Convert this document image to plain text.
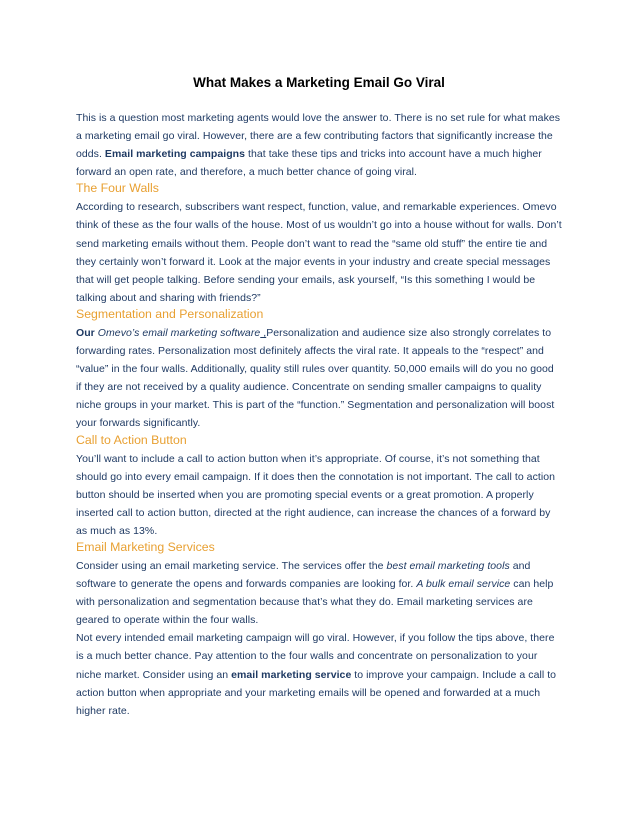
What Makes a Marketing Email Go Viral

This is a question most marketing agents would love the answer to. There is no set rule for what makes a marketing email go viral. However, there are a few contributing factors that significantly increase the odds. Email marketing campaigns that take these tips and tricks into account have a much higher forward an open rate, and therefore, a much better chance of going viral.

The Four Walls

According to research, subscribers want respect, function, value, and remarkable experiences. Omevo think of these as the four walls of the house. Most of us wouldn’t go into a house without for walls. Don’t send marketing emails without them. People don’t want to read the “same old stuff” the entire tie and they certainly won’t forward it. Look at the major events in your industry and create special messages that will get people talking. Before sending your emails, ask yourself, “Is this something I would be talking about and sharing with friends?”

Segmentation and Personalization

Our Omevo’s email marketing software ,Personalization and audience size also strongly correlates to forwarding rates. Personalization most definitely affects the viral rate. It appeals to the “respect” and “value” in the four walls. Additionally, quality still rules over quantity. 50,000 emails will do you no good if they are not received by a quality audience. Concentrate on sending smaller campaigns to quality niche groups in your market. This is part of the “function.” Segmentation and personalization will boost your forwards significantly.

Call to Action Button

You’ll want to include a call to action button when it’s appropriate. Of course, it’s not something that should go into every email campaign. If it does then the connotation is not important. The call to action button should be inserted when you are promoting special events or a great promotion. A properly inserted call to action button, directed at the right audience, can increase the chances of a forward by as much as 13%.

Email Marketing Services

Consider using an email marketing service. The services offer the best email marketing tools and software to generate the opens and forwards companies are looking for. A bulk email service can help with personalization and segmentation because that’s what they do. Email marketing services are geared to operate within the four walls.

Not every intended email marketing campaign will go viral. However, if you follow the tips above, there is a much better chance. Pay attention to the four walls and concentrate on personalization to your niche market. Consider using an email marketing service to improve your campaign. Include a call to action button when appropriate and your marketing emails will be opened and forwarded at a much higher rate.
